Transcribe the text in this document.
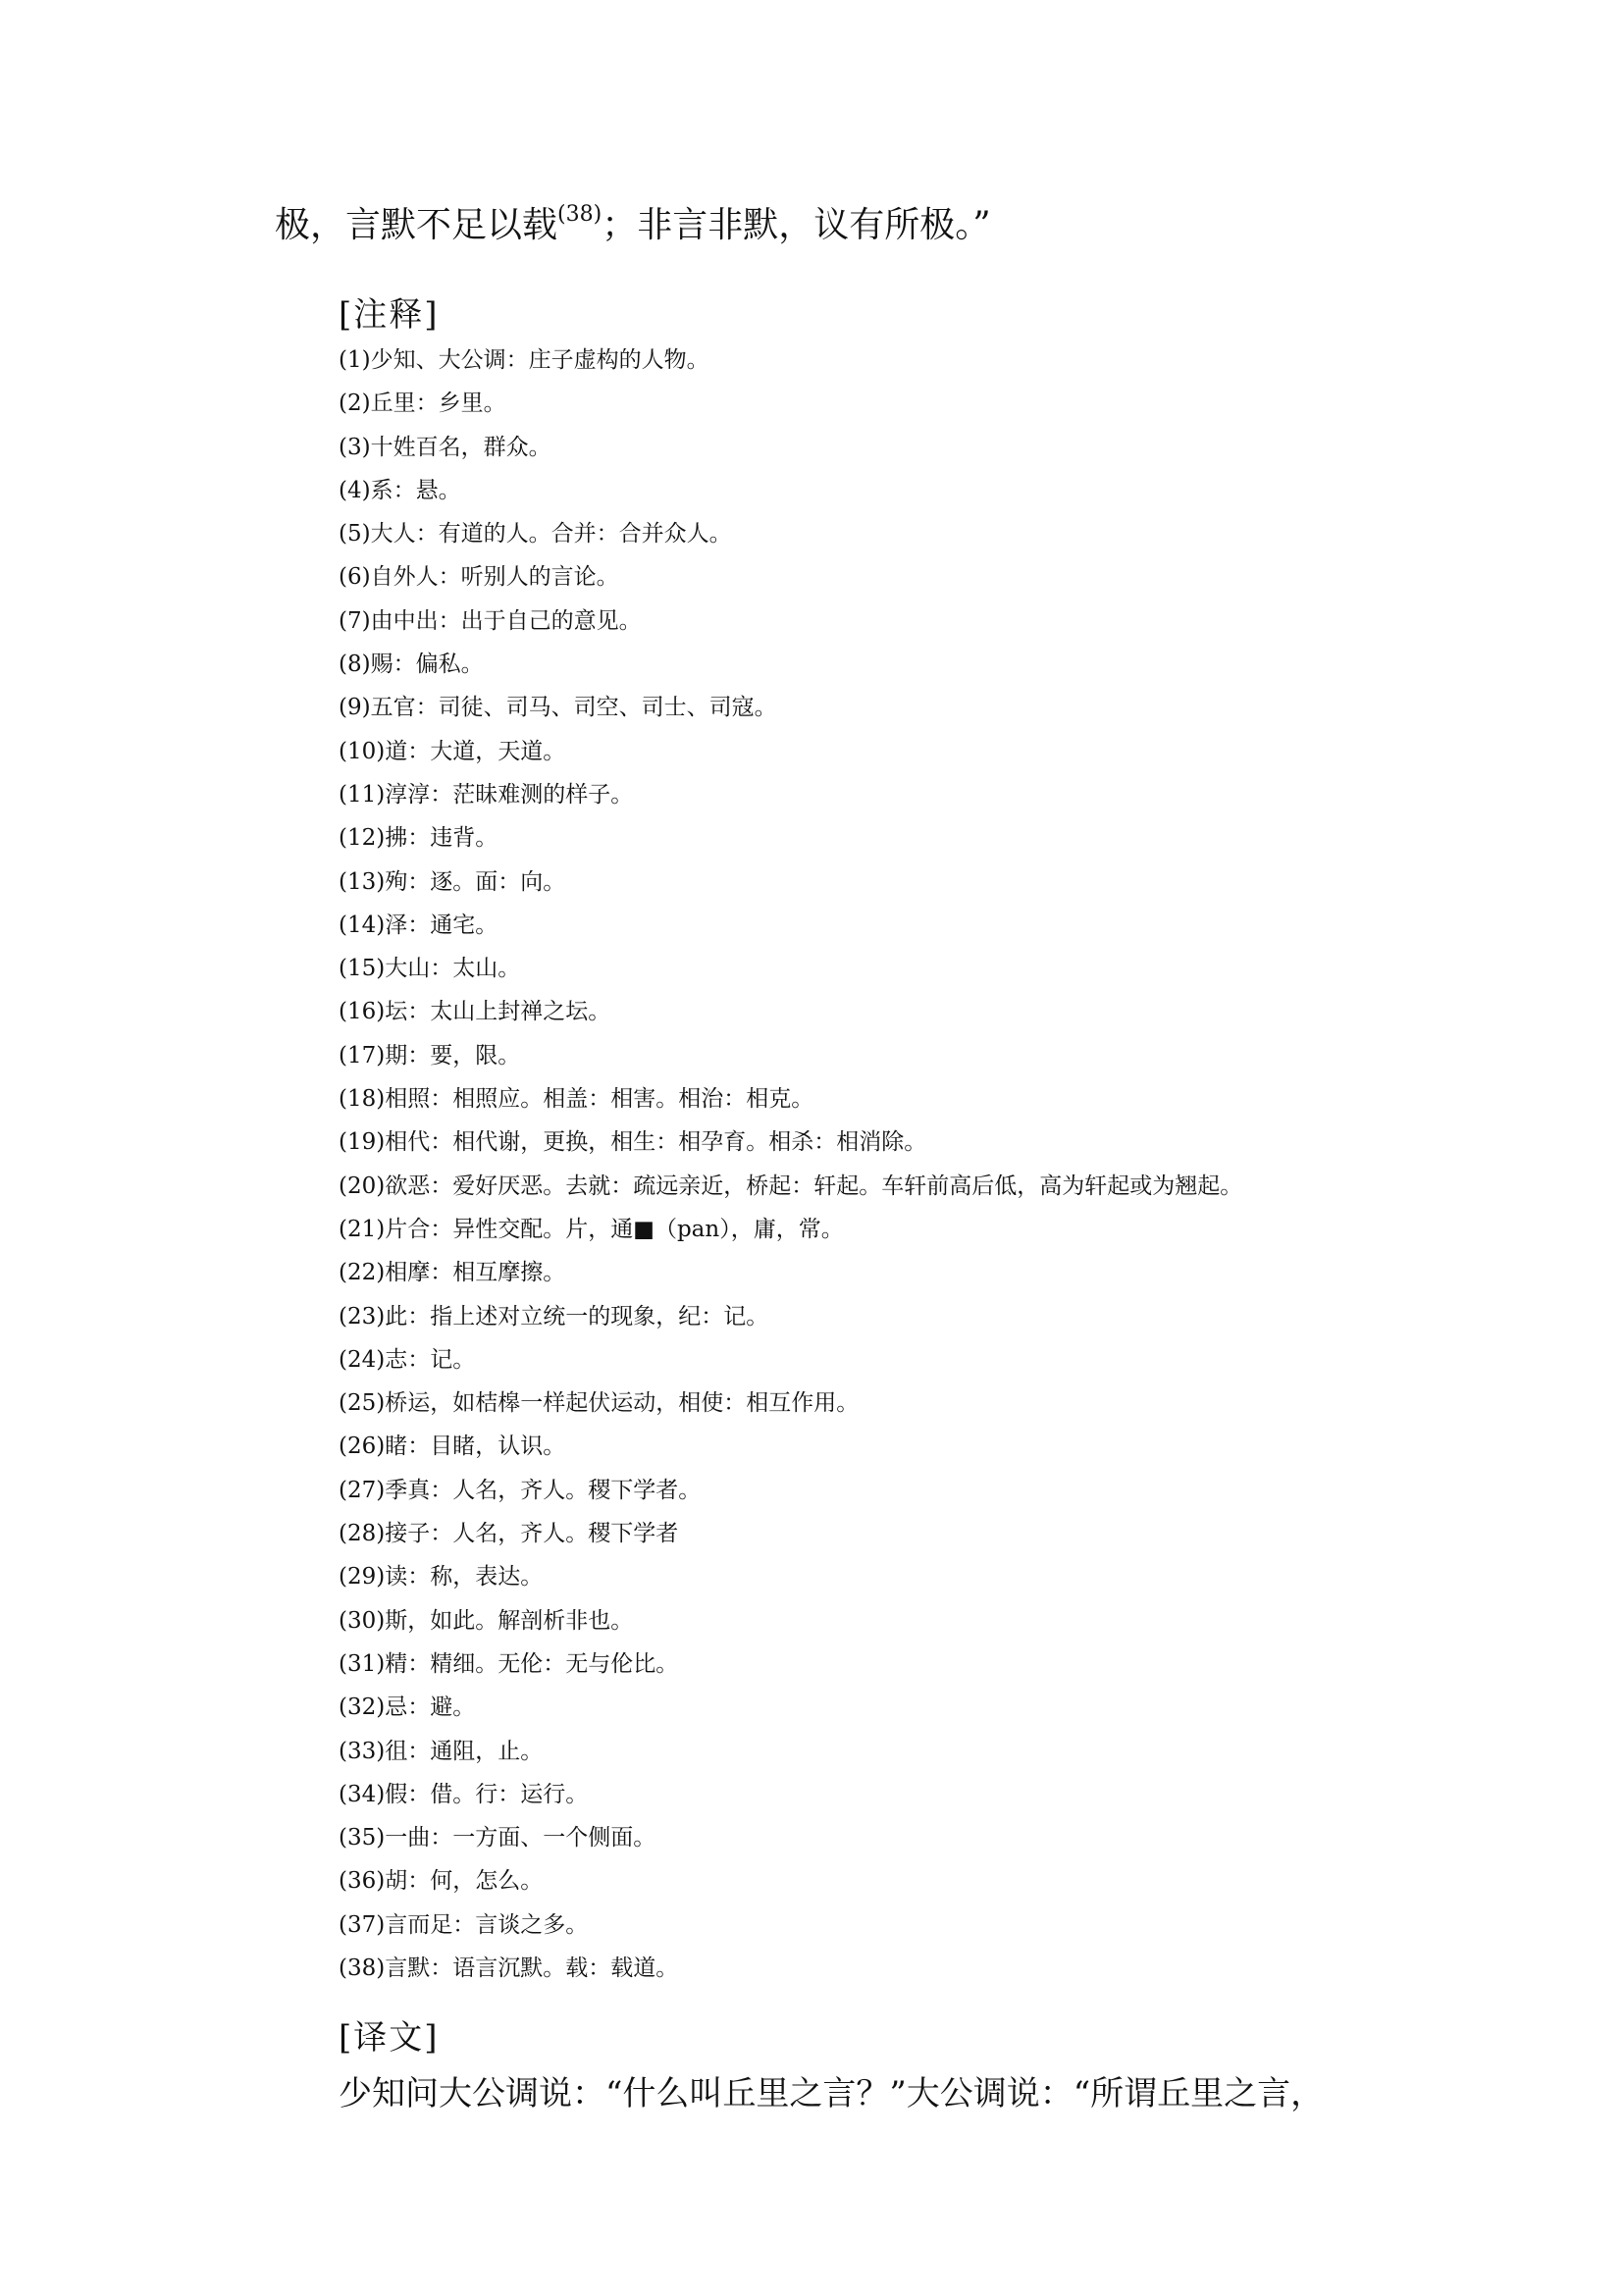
极，言默不足以载$^{(38)}$；非言非默，议有所极。”
[注释]
(1)少知、大公调：庄子虚构的人物。
(2)丘里：乡里。
(3)十姓百名，群众。
(4)系：悬。
(5)大人：有道的人。合并：合并众人。
(6)自外人：听别人的言论。
(7)由中出：出于自己的意见。
(8)赐：偏私。
(9)五官：司徒、司马、司空、司士、司寇。
(10)道：大道，天道。
(11)淳淳：茫昧难测的样子。
(12)拂：违背。
(13)殉：逐。面：向。
(14)泽：通宅。
(15)大山：太山。
(16)坛：太山上封禅之坛。
(17)期：要，限。
(18)相照：相照应。相盖：相害。相治：相克。
(19)相代：相代谢，更换，相生：相孕育。相杀：相消除。
(20)欲恶：爱好厌恶。去就：疏远亲近，桥起：轩起。车轩前高后低，高为轩起或为翘起。
(21)片合：异性交配。片，通■（pan），庸，常。
(22)相摩：相互摩擦。
(23)此：指上述对立统一的现象，纪：记。
(24)志：记。
(25)桥运，如桔槔一样起伏运动，相使：相互作用。
(26)睹：目睹，认识。
(27)季真：人名，齐人。稷下学者。
(28)接子：人名，齐人。稷下学者
(29)读：称，表达。
(30)斯，如此。解剖析非也。
(31)精：精细。无伦：无与伦比。
(32)忌：避。
(33)徂：通阻，止。
(34)假：借。行：运行。
(35)一曲：一方面、一个侧面。
(36)胡：何，怎么。
(37)言而足：言谈之多。
(38)言默：语言沉默。载：载道。
[译文]
少知问大公调说：“什么叫丘里之言？”大公调说：“所谓丘里之言，
